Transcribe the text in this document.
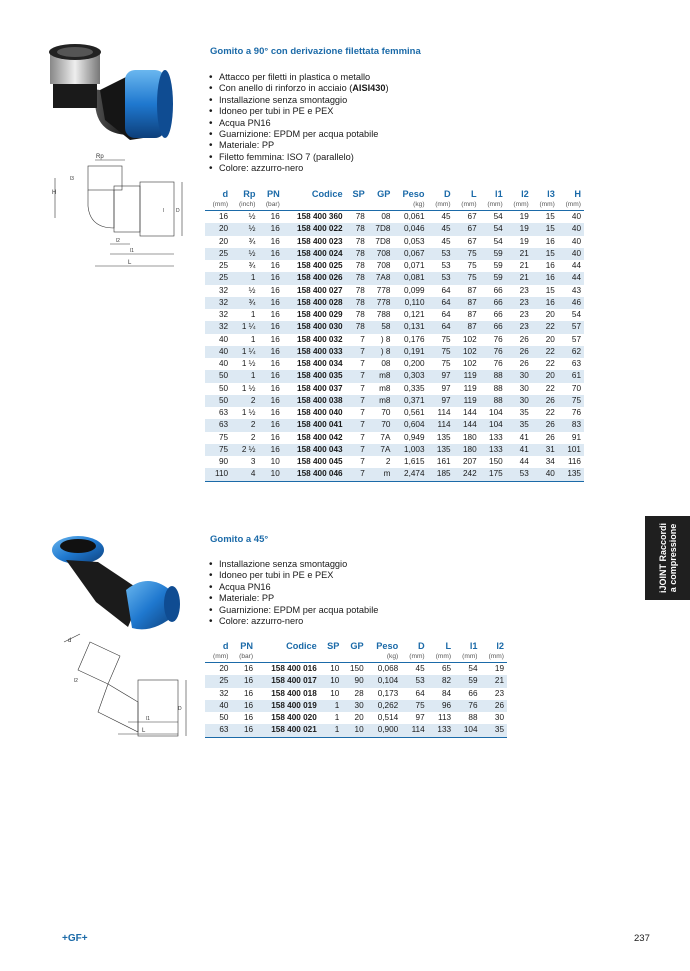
Rp
H
l3
l2
l1
L
D
l
Gomito a 90° con derivazione filettata femmina
• Attacco per filetti in plastica o metallo
• Con anello di rinforzo in acciaio (AISI430)
• Installazione senza smontaggio
• Idoneo per tubi in PE e PEX
• Acqua PN16
• Guarnizione: EPDM per acqua potabile
• Materiale: PP
• Filetto femmina: ISO 7 (parallelo)
• Colore: azzurro-nero
d	Rp	PN	Codice	SP	GP	Peso	D	L	l1	l2	l3	H
(mm)	(inch)	(bar)				(kg)	(mm)	(mm)	(mm)	(mm)	(mm)	(mm)
16	½	16	158 400 360	78	08	0,061	45	67	54	19	15	40
20	½	16	158 400 022	78	7D8	0,046	45	67	54	19	15	40
20	¾	16	158 400 023	78	7D8	0,053	45	67	54	19	16	40
25	½	16	158 400 024	78	708	0,067	53	75	59	21	15	40
25	¾	16	158 400 025	78	708	0,071	53	75	59	21	16	44
25	1	16	158 400 026	78	7A8	0,081	53	75	59	21	16	44
32	½	16	158 400 027	78	778	0,099	64	87	66	23	15	43
32	¾	16	158 400 028	78	778	0,110	64	87	66	23	16	46
32	1	16	158 400 029	78	788	0,121	64	87	66	23	20	54
32	1 ¼	16	158 400 030	78	58	0,131	64	87	66	23	22	57
40	1	16	158 400 032	7	) 8	0,176	75	102	76	26	20	57
40	1 ¼	16	158 400 033	7	) 8	0,191	75	102	76	26	22	62
40	1 ½	16	158 400 034	7	08	0,200	75	102	76	26	22	63
50	1	16	158 400 035	7	m8	0,303	97	119	88	30	20	61
50	1 ½	16	158 400 037	7	m8	0,335	97	119	88	30	22	70
50	2	16	158 400 038	7	m8	0,371	97	119	88	30	26	75
63	1 ½	16	158 400 040	7	70	0,561	114	144	104	35	22	76
63	2	16	158 400 041	7	70	0,604	114	144	104	35	26	83
75	2	16	158 400 042	7	7A	0,949	135	180	133	41	26	91
75	2 ½	16	158 400 043	7	7A	1,003	135	180	133	41	31	101
90	3	10	158 400 045	7	2	1,615	161	207	150	44	34	116
110	4	10	158 400 046	7	m	2,474	185	242	175	53	40	135
d
l2
D
l1
L
Gomito a 45°
• Installazione senza smontaggio
• Idoneo per tubi in PE e PEX
• Acqua PN16
• Materiale: PP
• Guarnizione: EPDM per acqua potabile
• Colore: azzurro-nero
d	PN	Codice	SP	GP	Peso	D	L	l1	l2
(mm)	(bar)				(kg)	(mm)	(mm)	(mm)	(mm)
20	16	158 400 016	10	150	0,068	45	65	54	19
25	16	158 400 017	10	90	0,104	53	82	59	21
32	16	158 400 018	10	28	0,173	64	84	66	23
40	16	158 400 019	1	30	0,262	75	96	76	26
50	16	158 400 020	1	20	0,514	97	113	88	30
63	16	158 400 021	1	10	0,900	114	133	104	35
iJOINT Raccordi a compressione
+GF+	237
